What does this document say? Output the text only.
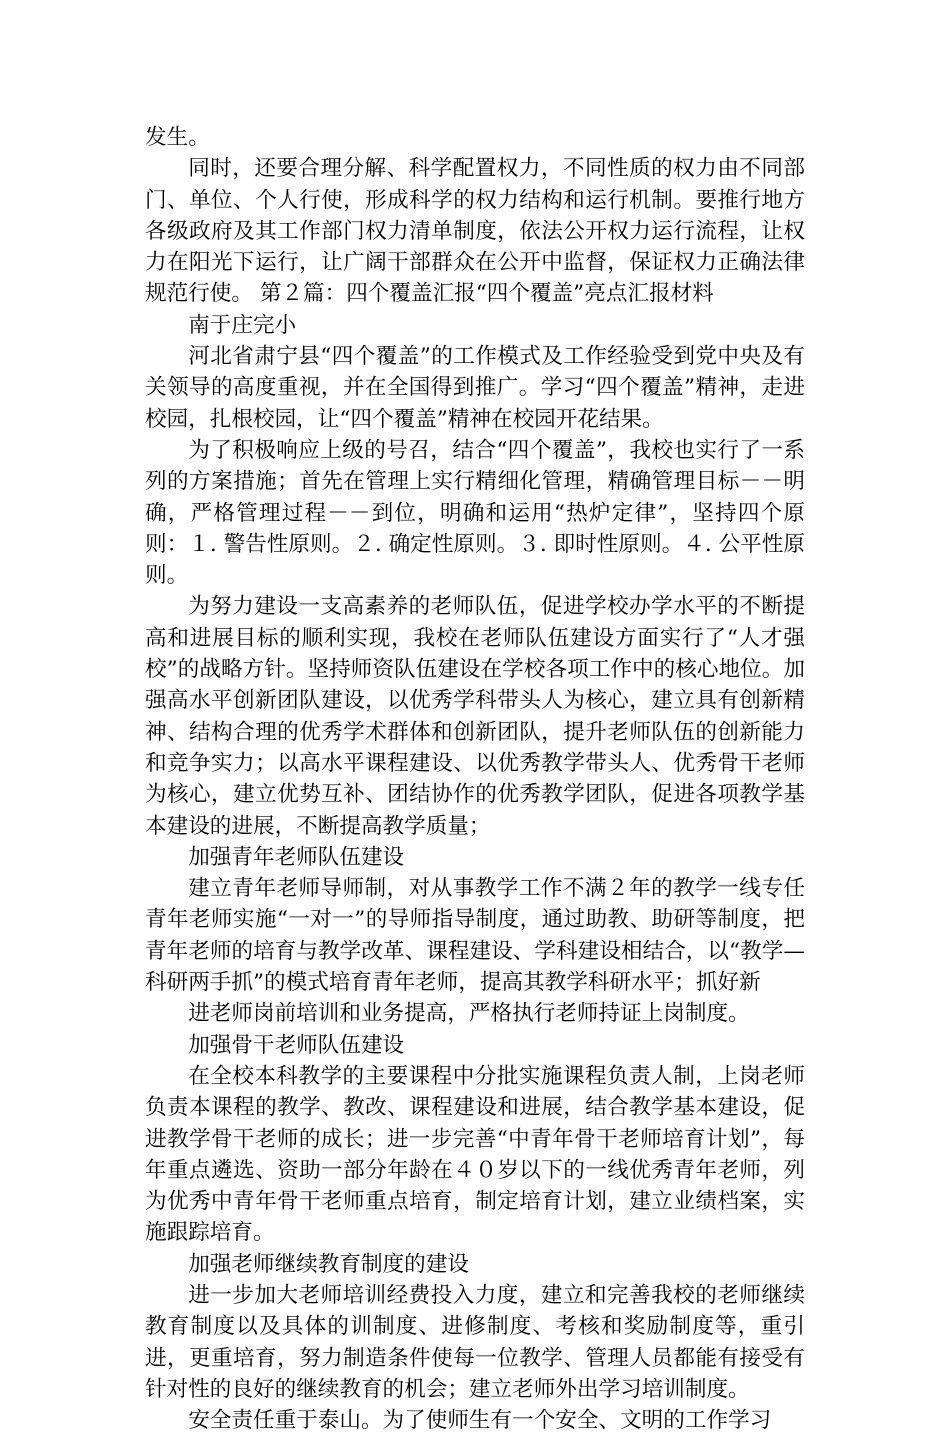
发生。

同时，还要合理分解、科学配置权力，不同性质的权力由不同部门、单位、个人行使，形成科学的权力结构和运行机制。要推行地方各级政府及其工作部门权力清单制度，依法公开权力运行流程，让权力在阳光下运行，让广阔干部群众在公开中监督，保证权力正确法律规范行使。 第２篇：四个覆盖汇报“四个覆盖”亮点汇报材料

南于庄完小

河北省肃宁县“四个覆盖”的工作模式及工作经验受到党中央及有关领导的高度重视，并在全国得到推广。学习“四个覆盖”精神，走进校园，扎根校园，让“四个覆盖”精神在校园开花结果。

为了积极响应上级的号召，结合“四个覆盖”，我校也实行了一系列的方案措施；首先在管理上实行精细化管理，精确管理目标－－明确，严格管理过程－－到位，明确和运用“热炉定律”，坚持四个原则：１. 警告性原则。２. 确定性原则。３. 即时性原则。４. 公平性原则。

为努力建设一支高素养的老师队伍，促进学校办学水平的不断提高和进展目标的顺利实现，我校在老师队伍建设方面实行了“人才强校”的战略方针。坚持师资队伍建设在学校各项工作中的核心地位。加强高水平创新团队建设，以优秀学科带头人为核心，建立具有创新精神、结构合理的优秀学术群体和创新团队，提升老师队伍的创新能力和竞争实力；以高水平课程建设、以优秀教学带头人、优秀骨干老师为核心，建立优势互补、团结协作的优秀教学团队，促进各项教学基本建设的进展，不断提高教学质量；

加强青年老师队伍建设

建立青年老师导师制，对从事教学工作不满２年的教学一线专任青年老师实施“一对一”的导师指导制度，通过助教、助研等制度，把青年老师的培育与教学改革、课程建设、学科建设相结合，以“教学—科研两手抓”的模式培育青年老师，提高其教学科研水平；抓好新

进老师岗前培训和业务提高，严格执行老师持证上岗制度。

加强骨干老师队伍建设

在全校本科教学的主要课程中分批实施课程负责人制，上岗老师负责本课程的教学、教改、课程建设和进展，结合教学基本建设，促进教学骨干老师的成长；进一步完善“中青年骨干老师培育计划”，每年重点遴选、资助一部分年龄在４０岁以下的一线优秀青年老师，列为优秀中青年骨干老师重点培育，制定培育计划，建立业绩档案，实施跟踪培育。

加强老师继续教育制度的建设

进一步加大老师培训经费投入力度，建立和完善我校的老师继续教育制度以及具体的训制度、进修制度、考核和奖励制度等，重引进，更重培育，努力制造条件使每一位教学、管理人员都能有接受有针对性的良好的继续教育的机会；建立老师外出学习培训制度。

安全责任重于泰山。为了使师生有一个安全、文明的工作学习
